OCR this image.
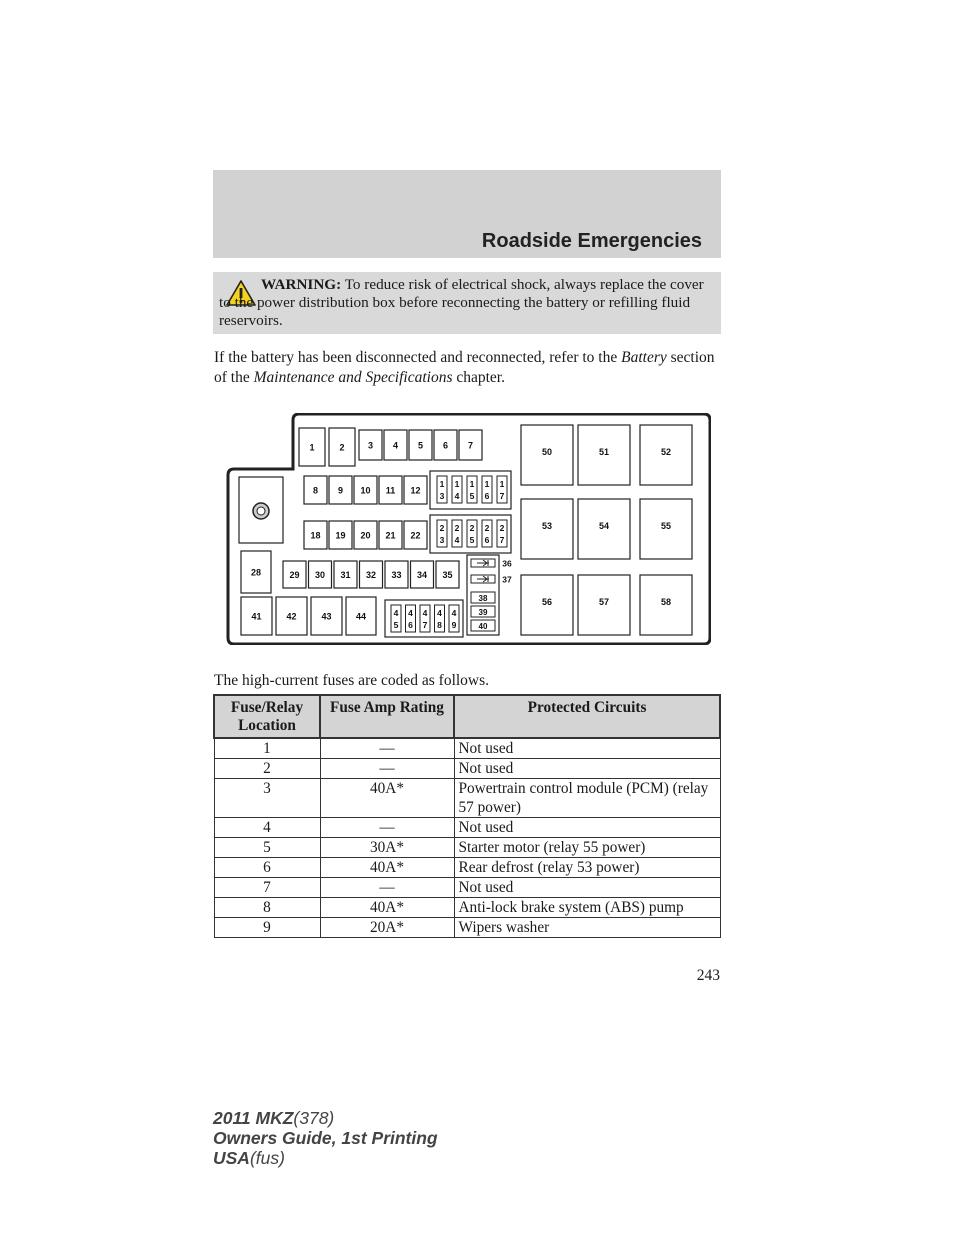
Roadside Emergencies
WARNING: To reduce risk of electrical shock, always replace the cover to the power distribution box before reconnecting the battery or refilling fluid reservoirs.
If the battery has been disconnected and reconnected, refer to the Battery section of the Maintenance and Specifications chapter.
1	2	3 4 5 6 7
8 9 10 11 12
1
3
1
4
1
5
1
6
1
7
18 19 20 21 22
2
3
2
4
2
5
2
6
2
7
28	29 30 31 32 33 34 35
41	42	43	44	4
5
4
6
4
7
4
8
4
9
36
37
38
39
40
50	51	52
53	54	55
56	57	58
The high-current fuses are coded as follows.
Fuse/Relay Location	Fuse Amp Rating	Protected Circuits
1	—	Not used
2	—	Not used
3	40A*	Powertrain control module (PCM) (relay 57 power)
4	—	Not used
5	30A*	Starter motor (relay 55 power)
6	40A*	Rear defrost (relay 53 power)
7	—	Not used
8	40A*	Anti-lock brake system (ABS) pump
9	20A*	Wipers washer
243
2011 MKZ(378)
Owners Guide, 1st Printing
USA(fus)
